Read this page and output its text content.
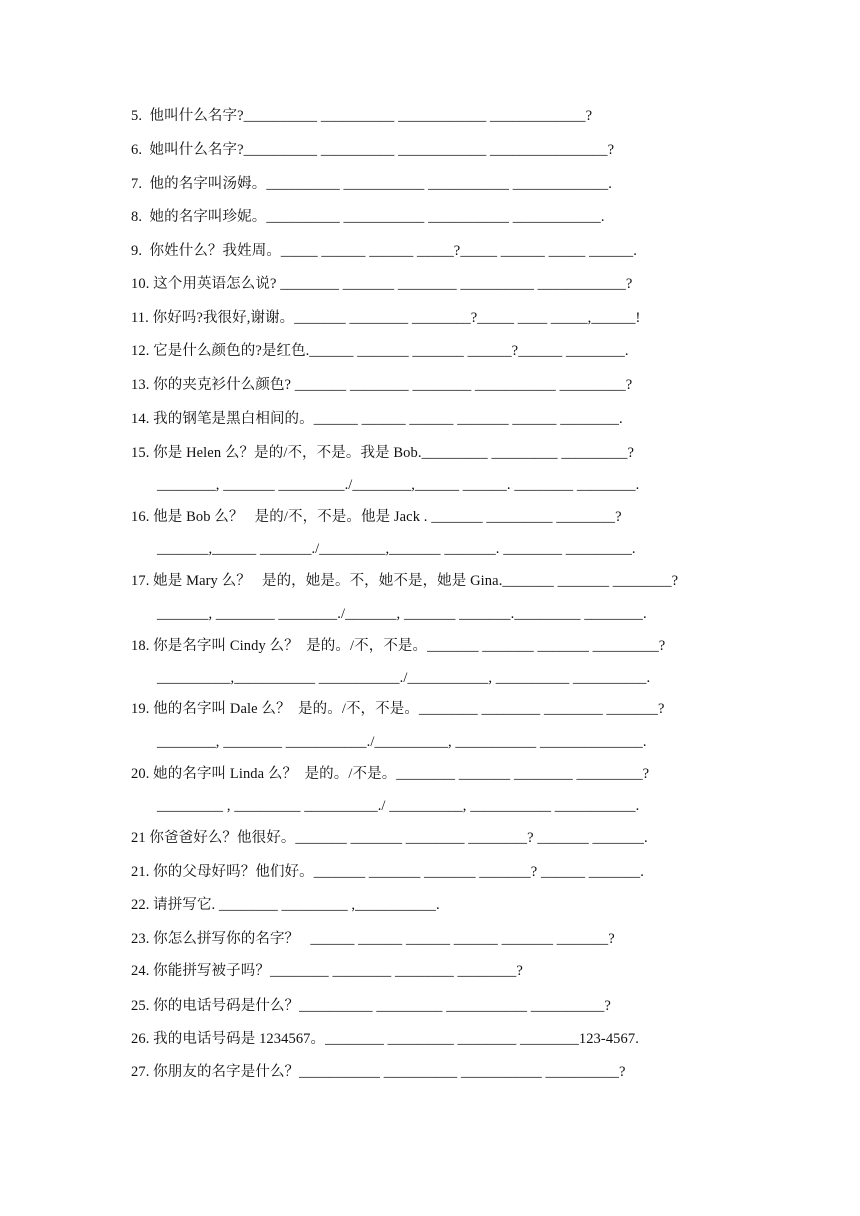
5.  他叫什么名字?__________ __________ ____________ _____________?
6.  她叫什么名字?__________ __________ ____________ ________________?
7.  他的名字叫汤姆。__________ ___________ ___________ _____________.
8.  她的名字叫珍妮。__________ ___________ ___________ ____________.
9.  你姓什么？我姓周。_____ ______ ______ _____?_____ ______ _____ ______.
10. 这个用英语怎么说? ________ _______ ________ __________ ____________?
11. 你好吗?我很好,谢谢。_______ ________ ________?_____ ____ _____,______!
12. 它是什么颜色的?是红色.______ _______ _______ ______?______ ________.
13. 你的夹克衫什么颜色? _______ ________ ________ ___________ _________?
14. 我的钢笔是黑白相间的。______ ______ ______ _______ ______ ________.
15. 你是 Helen 么？是的/不，不是。我是 Bob._________ _________ _________?
________, _______ _________./________,______ ______. ________ ________.
16. 他是 Bob 么？   是的/不，不是。他是 Jack . _______ _________ ________?
_______,______ _______./_________,_______ _______. ________ _________.
17. 她是 Mary 么？   是的，她是。不，她不是，她是 Gina._______ _______ ________?
_______, ________ ________./_______, _______ _______._________ ________.
18. 你是名字叫 Cindy 么？  是的。/不，不是。_______ _______ _______ _________?
__________,___________ ___________./___________, __________ __________.
19. 他的名字叫 Dale 么？  是的。/不，不是。________ ________ ________ _______?
________, ________ ___________./__________, ___________ ______________.
20. 她的名字叫 Linda 么？  是的。/不是。________ _______ ________ _________?
_________ , _________ __________./ __________, ___________ ___________.
21 你爸爸好么？他很好。_______ _______ ________ ________? _______ _______.
21. 你的父母好吗？他们好。_______ _______ _______ _______? ______ _______.
22. 请拼写它. ________ _________ ,___________.
23. 你怎么拼写你的名字？   ______ ______ ______ ______ _______ _______?
24. 你能拼写被子吗？________ ________ ________ ________?
25. 你的电话号码是什么？__________ _________ ___________ __________?
26. 我的电话号码是 1234567。________ _________ ________ ________123-4567.
27. 你朋友的名字是什么？___________ __________ ___________ __________?
